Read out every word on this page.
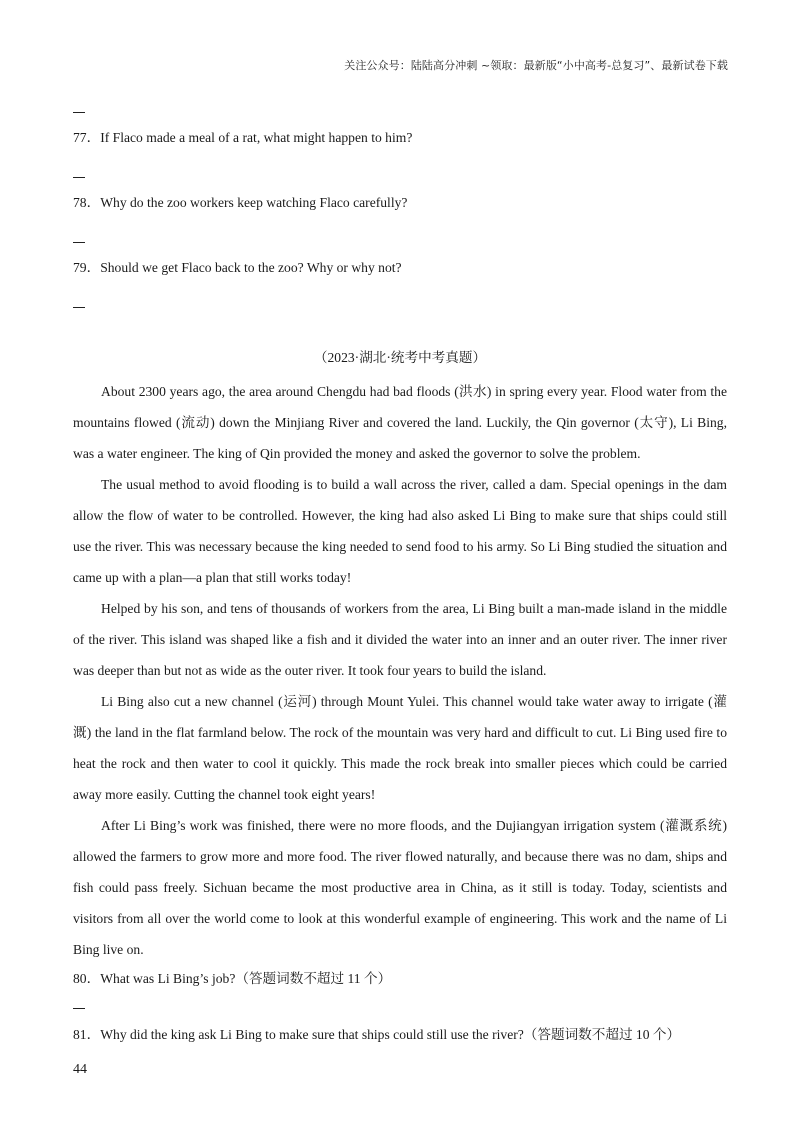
关注公众号：陆陆高分冲刺 ~领取：最新版“小中高考-总复习”、最新试卷下载
77．If Flaco made a meal of a rat, what might happen to him?
78．Why do the zoo workers keep watching Flaco carefully?
79．Should we get Flaco back to the zoo? Why or why not?
（2023·湖北·统考中考真题）

About 2300 years ago, the area around Chengdu had bad floods (洪水) in spring every year. Flood water from the mountains flowed (流动) down the Minjiang River and covered the land. Luckily, the Qin governor (太守), Li Bing, was a water engineer. The king of Qin provided the money and asked the governor to solve the problem.

The usual method to avoid flooding is to build a wall across the river, called a dam. Special openings in the dam allow the flow of water to be controlled. However, the king had also asked Li Bing to make sure that ships could still use the river. This was necessary because the king needed to send food to his army. So Li Bing studied the situation and came up with a plan—a plan that still works today!

Helped by his son, and tens of thousands of workers from the area, Li Bing built a man-made island in the middle of the river. This island was shaped like a fish and it divided the water into an inner and an outer river. The inner river was deeper than but not as wide as the outer river. It took four years to build the island.

Li Bing also cut a new channel (运河) through Mount Yulei. This channel would take water away to irrigate (灌溉) the land in the flat farmland below. The rock of the mountain was very hard and difficult to cut. Li Bing used fire to heat the rock and then water to cool it quickly. This made the rock break into smaller pieces which could be carried away more easily. Cutting the channel took eight years!

After Li Bing’s work was finished, there were no more floods, and the Dujiangyan irrigation system (灌溉系统) allowed the farmers to grow more and more food. The river flowed naturally, and because there was no dam, ships and fish could pass freely. Sichuan became the most productive area in China, as it still is today. Today, scientists and visitors from all over the world come to look at this wonderful example of engineering. This work and the name of Li Bing live on.

80．What was Li Bing’s job?（答题词数不超过 11 个）
81．Why did the king ask Li Bing to make sure that ships could still use the river?（答题词数不超过 10 个）
44
